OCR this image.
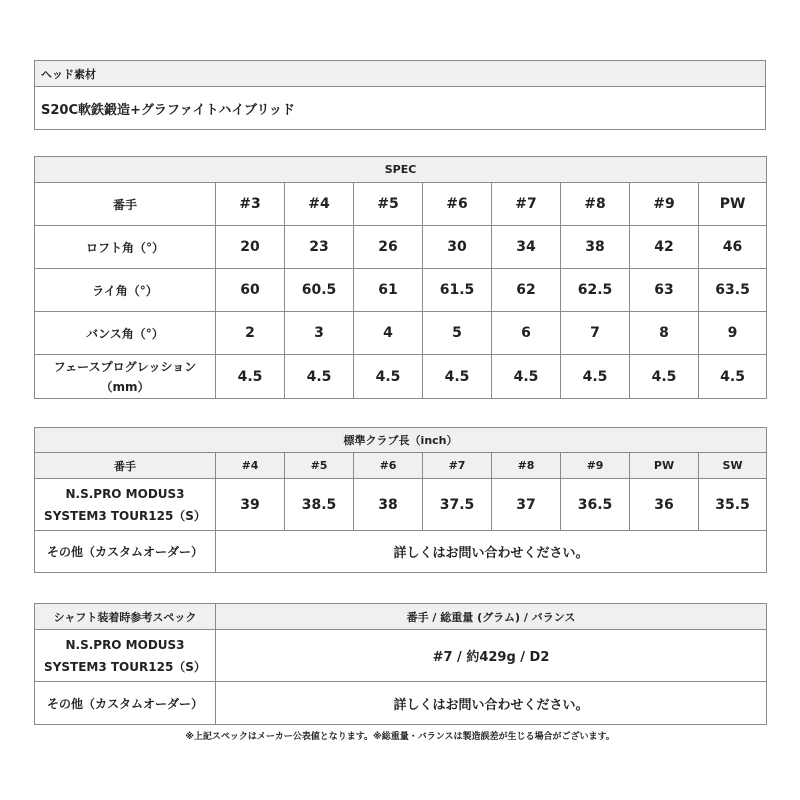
ヘッド素材
S20C軟鉄鍛造+グラファイトハイブリッド
SPEC								
番手	#3	#4	#5	#6	#7	#8	#9	PW
ロフト角（°）	20	23	26	30	34	38	42	46
ライ角（°）	60	60.5	61	61.5	62	62.5	63	63.5
バンス角（°）	2	3	4	5	6	7	8	9

フェースプログレッション
（mm）	4.5	4.5	4.5	4.5	4.5	4.5	4.5	4.5
標準クラブ長（inch）								
番手	#4	#5	#6	#7	#8	#9	PW	SW

N.S.PRO MODUS3
SYSTEM3 TOUR125（S）	39	38.5	38	37.5	37	36.5	36	35.5
その他（カスタムオーダー）	詳しくはお問い合わせください。							
シャフト装着時参考スペック	番手 / 総重量 (グラム) / バランス

N.S.PRO MODUS3
SYSTEM3 TOUR125（S）	#7 / 約429g / D2
その他（カスタムオーダー）	詳しくはお問い合わせください。
※上記スペックはメーカー公表値となります。※総重量・バランスは製造誤差が生じる場合がございます。
